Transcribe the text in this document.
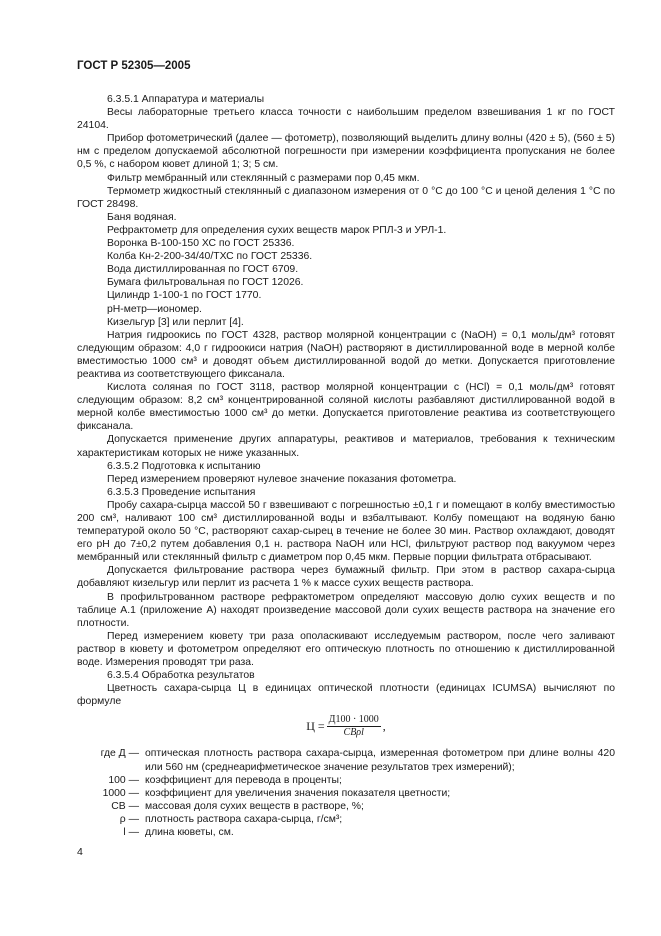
ГОСТ Р 52305—2005

6.3.5.1 Аппаратура и материалы

Весы лабораторные третьего класса точности с наибольшим пределом взвешивания 1 кг по ГОСТ 24104.

Прибор фотометрический (далее — фотометр), позволяющий выделить длину волны (420 ± 5), (560 ± 5) нм с пределом допускаемой абсолютной погрешности при измерении коэффициента пропускания не более 0,5 %, с набором кювет длиной 1; 3; 5 см.

Фильтр мембранный или стеклянный с размерами пор 0,45 мкм.

Термометр жидкостный стеклянный с диапазоном измерения от 0 °С до 100 °С и ценой деления 1 °С по ГОСТ 28498.

Баня водяная.

Рефрактометр для определения сухих веществ марок РПЛ-3 и УРЛ-1.

Воронка В-100-150 ХС по ГОСТ 25336.

Колба Кн-2-200-34/40/ТХС по ГОСТ 25336.

Вода дистиллированная по ГОСТ 6709.

Бумага фильтровальная по ГОСТ 12026.

Цилиндр 1-100-1 по ГОСТ 1770.

рН-метр—иономер.

Кизельгур [3] или перлит [4].

Натрия гидроокись по ГОСТ 4328, раствор молярной концентрации с (NaOH) = 0,1 моль/дм³ готовят следующим образом: 4,0 г гидроокиси натрия (NaOH) растворяют в дистиллированной воде в мерной колбе вместимостью 1000 см³ и доводят объем дистиллированной водой до метки. Допускается приготовление реактива из соответствующего фиксанала.

Кислота соляная по ГОСТ 3118, раствор молярной концентрации с (НСl) = 0,1 моль/дм³ готовят следующим образом: 8,2 см³ концентрированной соляной кислоты разбавляют дистиллированной водой в мерной колбе вместимостью 1000 см³ до метки. Допускается приготовление реактива из соответствующего фиксанала.

Допускается применение других аппаратуры, реактивов и материалов, требования к техническим характеристикам которых не ниже указанных.

6.3.5.2 Подготовка к испытанию

Перед измерением проверяют нулевое значение показания фотометра.

6.3.5.3 Проведение испытания

Пробу сахара-сырца массой 50 г взвешивают с погрешностью ±0,1 г и помещают в колбу вместимостью 200 см³, наливают 100 см³ дистиллированной воды и взбалтывают. Колбу помещают на водяную баню температурой около 50 °С, растворяют сахар-сырец в течение не более 30 мин. Раствор охлаждают, доводят его рН до 7±0,2 путем добавления 0,1 н. раствора NaOH или НСl, фильтруют раствор под вакуумом через мембранный или стеклянный фильтр с диаметром пор 0,45 мкм. Первые порции фильтрата отбрасывают.

Допускается фильтрование раствора через бумажный фильтр. При этом в раствор сахара-сырца добавляют кизельгур или перлит из расчета 1 % к массе сухих веществ раствора.

В профильтрованном растворе рефрактометром определяют массовую долю сухих веществ и по таблице А.1 (приложение А) находят произведение массовой доли сухих веществ раствора на значение его плотности.

Перед измерением кювету три раза ополаскивают исследуемым раствором, после чего заливают раствор в кювету и фотометром определяют его оптическую плотность по отношению к дистиллированной воде. Измерения проводят три раза.

6.3.5.4 Обработка результатов

Цветность сахара-сырца Ц в единицах оптической плотности (единицах ICUMSA) вычисляют по формуле

$Ц = \frac{Д100 \cdot 1000}{\text{СВρl}}$ ,
где Д — оптическая плотность раствора сахара-сырца, измеренная фотометром при длине волны 420 или 560 нм (среднеарифметическое значение результатов трех измерений);
100 — коэффициент для перевода в проценты;
1000 — коэффициент для увеличения значения показателя цветности;
СВ — массовая доля сухих веществ в растворе, %;
ρ — плотность раствора сахара-сырца, г/см³;
l — длина кюветы, см.
4
